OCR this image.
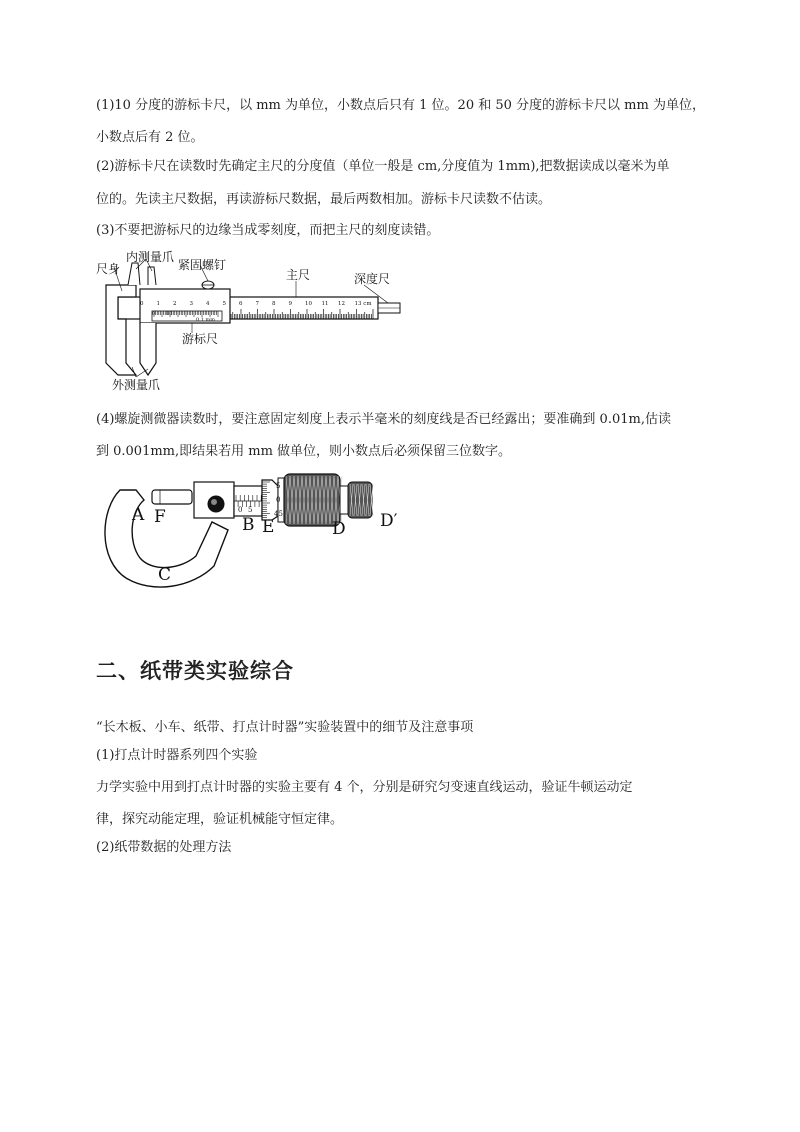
(1)10 分度的游标卡尺，以 mm 为单位，小数点后只有 1 位。20 和 50 分度的游标卡尺以 mm 为单位，
小数点后有 2 位。
(2)游标卡尺在读数时先确定主尺的分度值（单位一般是 cm,分度值为 1mm),把数据读成以毫米为单
位的。先读主尺数据，再读游标尺数据，最后两数相加。游标卡尺读数不估读。
(3)不要把游标尺的边缘当成零刻度，而把主尺的刻度读错。
0 1 2 3 4 5 6 7 8 9 10 11 12 13 cm
尺身
内测量爪
紧固螺钉
主尺	深度尺
游标尺
外测量爪
0.1 mm
0 10
(4)螺旋测微器读数时，要注意固定刻度上表示半毫米的刻度线是否已经露出；要准确到 0.01m,估读
到 0.001mm,即结果若用 mm 做单位，则小数点后必须保留三位数字。
A F	B E
C
D D′
5
0
45
0 5
二、纸带类实验综合
“长木板、小车、纸带、打点计时器”实验装置中的细节及注意事项
(1)打点计时器系列四个实验
力学实验中用到打点计时器的实验主要有 4 个，分别是研究匀变速直线运动，验证牛顿运动定
律，探究动能定理，验证机械能守恒定律。
(2)纸带数据的处理方法
